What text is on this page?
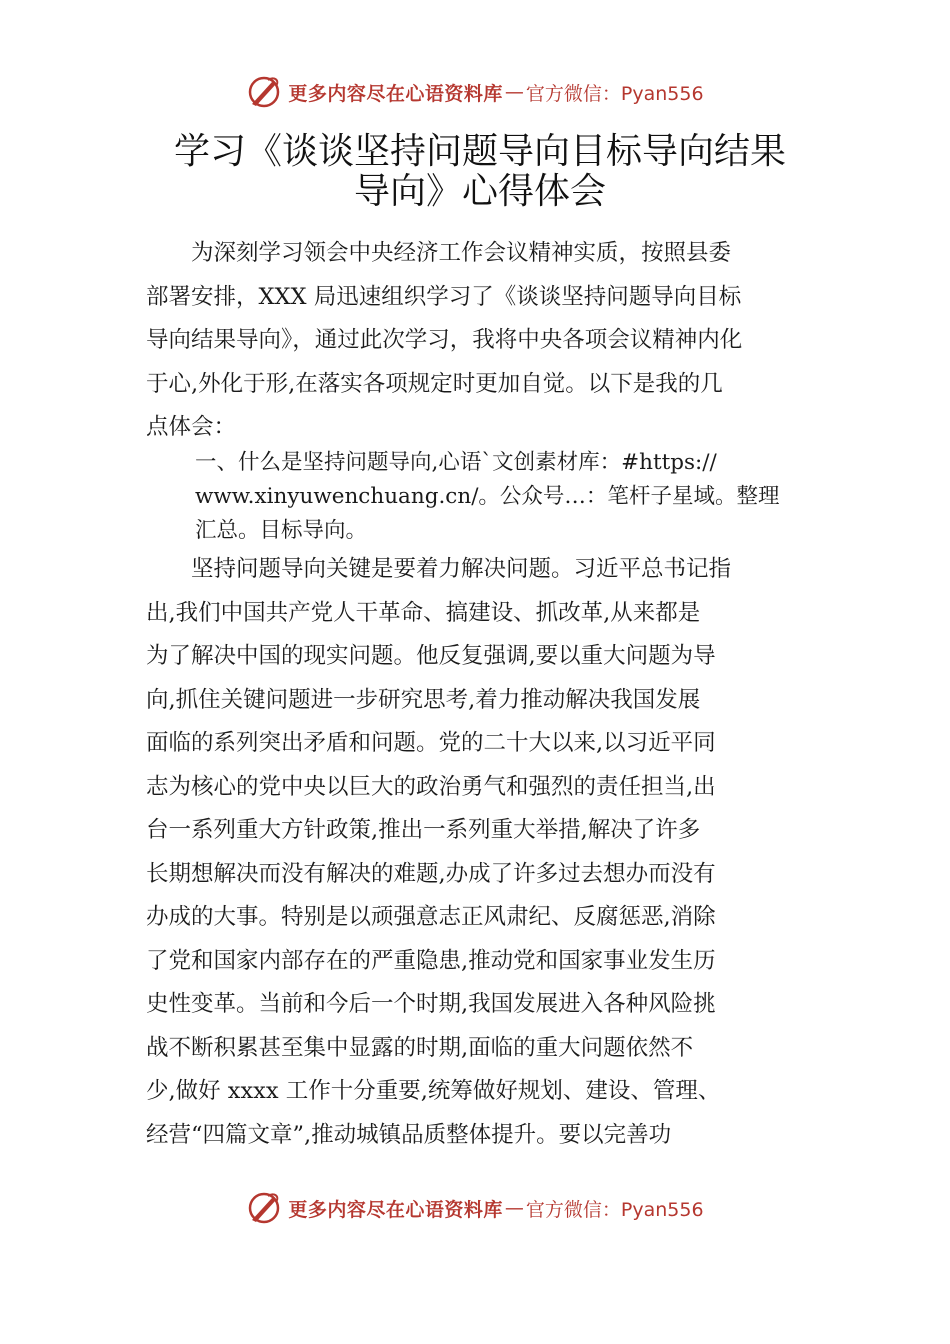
更多内容尽在心语资料库 — 官方微信：Pyan556
学习《谈谈坚持问题导向目标导向结果
导向》心得体会

为深刻学习领会中央经济工作会议精神实质，按照县委
部署安排，XXX 局迅速组织学习了《谈谈坚持问题导向目标
导向结果导向》，通过此次学习，我将中央各项会议精神内化
于心,外化于形,在落实各项规定时更加自觉。以下是我的几
点体会：

一、什么是坚持问题导向,心语`文创素材库：#https://
www.xinyuwenchuang.cn/。公众号…：笔杆子星域。整理
汇总。目标导向。

坚持问题导向关键是要着力解决问题。习近平总书记指
出,我们中国共产党人干革命、搞建设、抓改革,从来都是
为了解决中国的现实问题。他反复强调,要以重大问题为导
向,抓住关键问题进一步研究思考,着力推动解决我国发展
面临的系列突出矛盾和问题。党的二十大以来,以习近平同
志为核心的党中央以巨大的政治勇气和强烈的责任担当,出
台一系列重大方针政策,推出一系列重大举措,解决了许多
长期想解决而没有解决的难题,办成了许多过去想办而没有
办成的大事。特别是以顽强意志正风肃纪、反腐惩恶,消除
了党和国家内部存在的严重隐患,推动党和国家事业发生历
史性变革。当前和今后一个时期,我国发展进入各种风险挑
战不断积累甚至集中显露的时期,面临的重大问题依然不
少,做好 xxxx 工作十分重要,统筹做好规划、建设、管理、
经营“四篇文章”,推动城镇品质整体提升。要以完善功

更多内容尽在心语资料库 — 官方微信：Pyan556
